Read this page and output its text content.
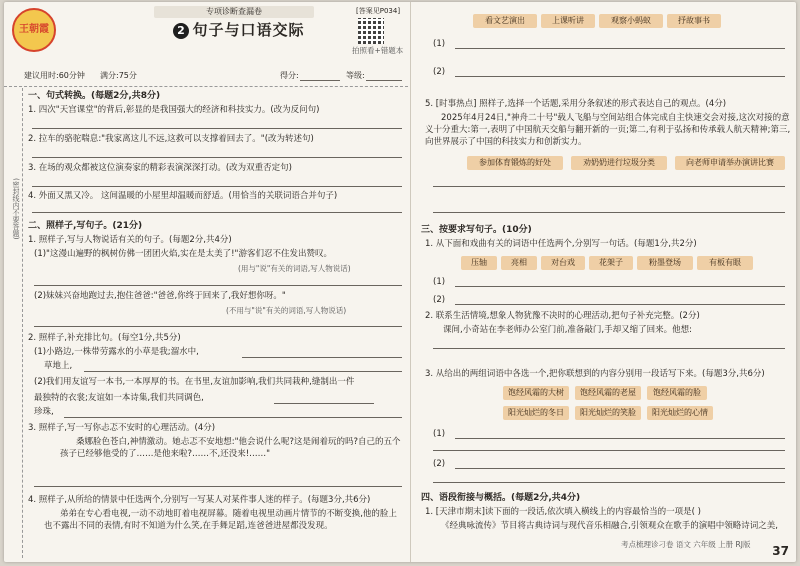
王朝霞
专项诊断查漏卷
2 句子与口语交际
[答案见P034]
拍照看+错题本
建议用时:60分钟 满分:75分	得分:	等级:
(密封线内不要答题)
一、句式转换。(每题2分,共8分)
1. 四次"天宫课堂"的背后,彰显的是我国强大的经济和科技实力。(改为反问句)
2. 拉车的骆驼喘息:"我家离这儿不远,这救可以支撑着回去了。"(改为转述句)
3. 在场的观众都被这位演奏家的精彩表演深深打动。(改为双重否定句)
4. 外面又黑又冷。 这间温暖的小屋里却温暖而舒适。(用恰当的关联词语合并句子)
二、照样子,写句子。(21分)
1. 照样子,写与人物说话有关的句子。(每题2分,共4分)
(1)"这漫山遍野的枫树仿佛一团团火焰,实在是太美了!"游客们忍不住发出赞叹。
(用与"说"有关的词语,写人物说话)
(2)妹妹兴奋地跑过去,抱住爸爸:"爸爸,你终于回来了,我好想你呀。"
(不用与"说"有关的词语,写人物说话)
2. 照样子,补充排比句。(每空1分,共5分)
(1)小路边,一株带劳露水的小草是我;溜水中,
草地上,
(2)我们用友谊写一本书,一本厚厚的书。在书里,友谊加影响,我们共同栽种,缝制出一件
最独特的衣裳;友谊如一本诗集,我们共同调色,
珍珠,
3. 照样子,写一写你忐忑不安时的心理活动。(4分)
桑娜脸色苍白,神情激动。她忐忑不安地想:"他会说什么呢?这是闹着玩的吗?自己的五个孩子已经够他受的了……是他来啦?……不,还没来!……"
4. 照样子,从所给的情景中任选两个,分别写一写某人对某件事人迷的样子。(每题3分,共6分)
弟弟在专心看电视,一动不动地盯着电视屏幕。随着电视里动画片情节的不断变换,他的脸上也不露出不同的表情,有时不知道为什么笑,在手舞足蹈,连爸爸进屋都没发现。
看文艺演出	上课听讲	观察小蚂蚁	抒故事书
(1)
(2)
5. [时事热点] 照样子,选择一个话题,采用分条叙述的形式表达自己的观点。(4分)
2025年4月24日,"神舟二十号"载人飞船与空间站组合体完成自主快速交会对接,这次对接的意义十分重大:第一,表明了中国航天交船与翻开新的一页;第二,有利于弘扬和传承载人航天精神;第三,向世界展示了中国的科技实力和创新实力。
参加体育锻炼的好处	劝奶奶进行垃圾分类	向老师申请举办演讲比赛
三、按要求写句子。(10分)
1. 从下面和戏曲有关的词语中任选两个,分别写一句话。(每题1分,共2分)
压轴	亮相	对台戏	花架子	粉墨登场	有板有眼
(1)
(2)
2. 联系生活情境,想象人物犹豫不决时的心理活动,把句子补充完整。(2分)
课间,小奇站在李老师办公室门前,准备敲门,手却又缩了回来。他想:
3. 从给出的两组词语中各选一个,把你联想到的内容分别用一段话写下来。(每题3分,共6分)
饱经风霜的大树	饱经风霜的老屋	饱经风霜的脸
阳光灿烂的冬日	阳光灿烂的笑脸	阳光灿烂的心情
(1)
(2)
四、语段衔接与概括。(每题2分,共4分)
1. [天津市期末]读下面的一段话,依次填入横线上的内容最恰当的一项是( )
《经典咏流传》节目将古典诗词与现代音乐相融合,引领观众在歌手的演唱中领略诗词之美,
考点梳理诊刁卷 语文 六年级 上册 RJ版 37
